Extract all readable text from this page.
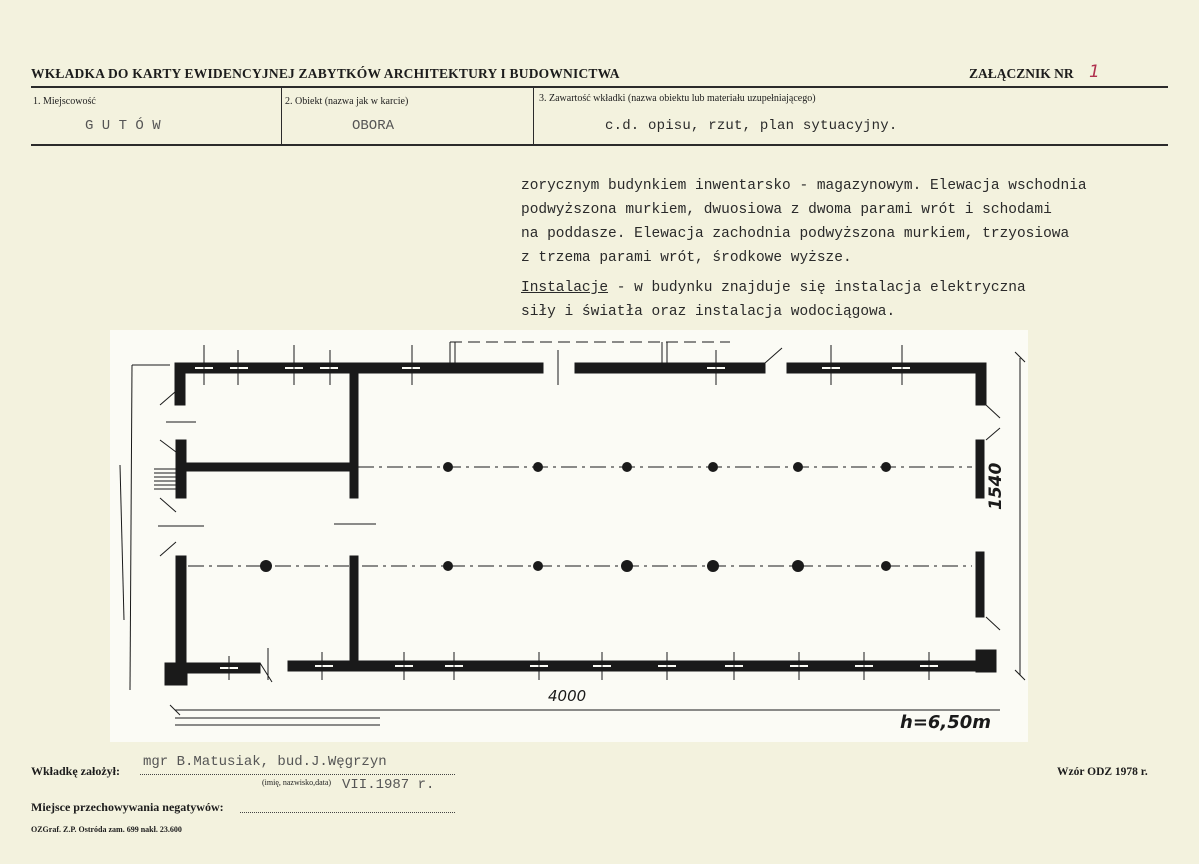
WKŁADKA DO KARTY EWIDENCYJNEJ ZABYTKÓW ARCHITEKTURY I BUDOWNICTWA	ZAŁĄCZNIK NR 1
1. Miejscowość
G U T Ó W
2. Obiekt (nazwa jak w karcie)
OBORA
3. Zawartość wkładki (nazwa obiektu lub materiału uzupełniającego)
c.d. opisu, rzut, plan sytuacyjny.
zorycznym budynkiem inwentarsko - magazynowym. Elewacja wschodnia
podwyższona murkiem, dwuosiowa z dwoma parami wrót i schodami
na poddasze. Elewacja zachodnia podwyższona murkiem, trzyosiowa
z trzema parami wrót, środkowe wyższe.
Instalacje - w budynku znajduje się instalacja elektryczna
siły i światła oraz instalacja wodociągowa.
4000
1540
h=6,50m
Wkładkę założył:
mgr B.Matusiak, bud.J.Węgrzyn
(imię, nazwisko,data) VII.1987 r.
Miejsce przechowywania negatywów:
Wzór ODZ 1978 r.
OZGraf. Z.P. Ostróda zam. 699 nakł. 23.600
